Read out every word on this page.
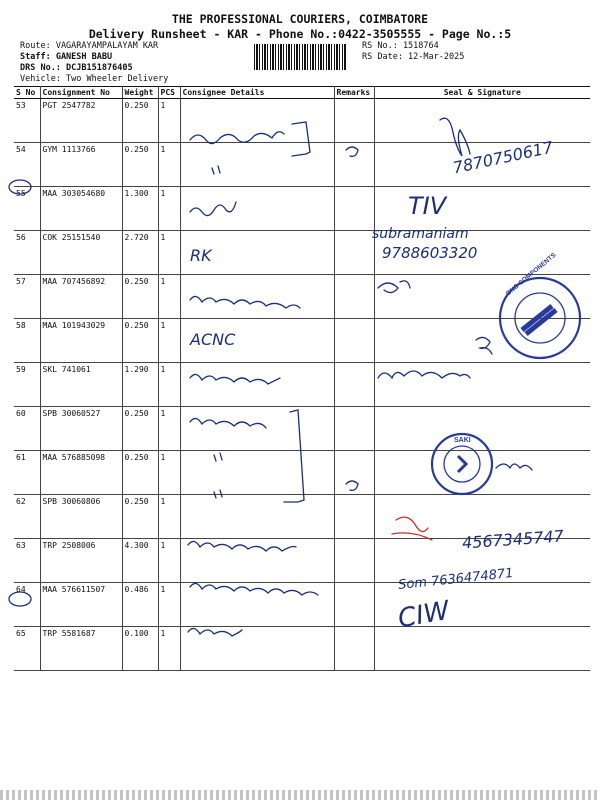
THE PROFESSIONAL COURIERS, COIMBATORE
Delivery Runsheet - KAR - Phone No.:0422-3505555 - Page No.:5
Route: VAGARAYAMPALAYAM KAR
Staff: GANESH BABU
DRS No.: DCJB151876405
Vehicle: Two Wheeler Delivery
RS No.: 1518764
RS Date: 12-Mar-2025
S No	Consignment No	Weight	PCS	Consignee Details	Remarks	Seal & Signature
53	PGT 2547782	0.250	1			
54	GYM 1113766	0.250	1			
55	MAA 303054680	1.300	1			
56	COK 25151540	2.720	1			
57	MAA 707456892	0.250	1			
58	MAA 101943029	0.250	1			
59	SKL 741061	1.290	1			
60	SPB 30060527	0.250	1			
61	MAA 576885098	0.250	1			
62	SPB 30060806	0.250	1			
63	TRP 2508006	4.300	1			
64	MAA 576611507	0.486	1			
65	TRP 5581687	0.100	1			
GNC COMPONENTS
SAKI
7870750617
TIV
subramaniam
9788603320
RK
ACNC
4567345747
Som 7636474871
CIW
